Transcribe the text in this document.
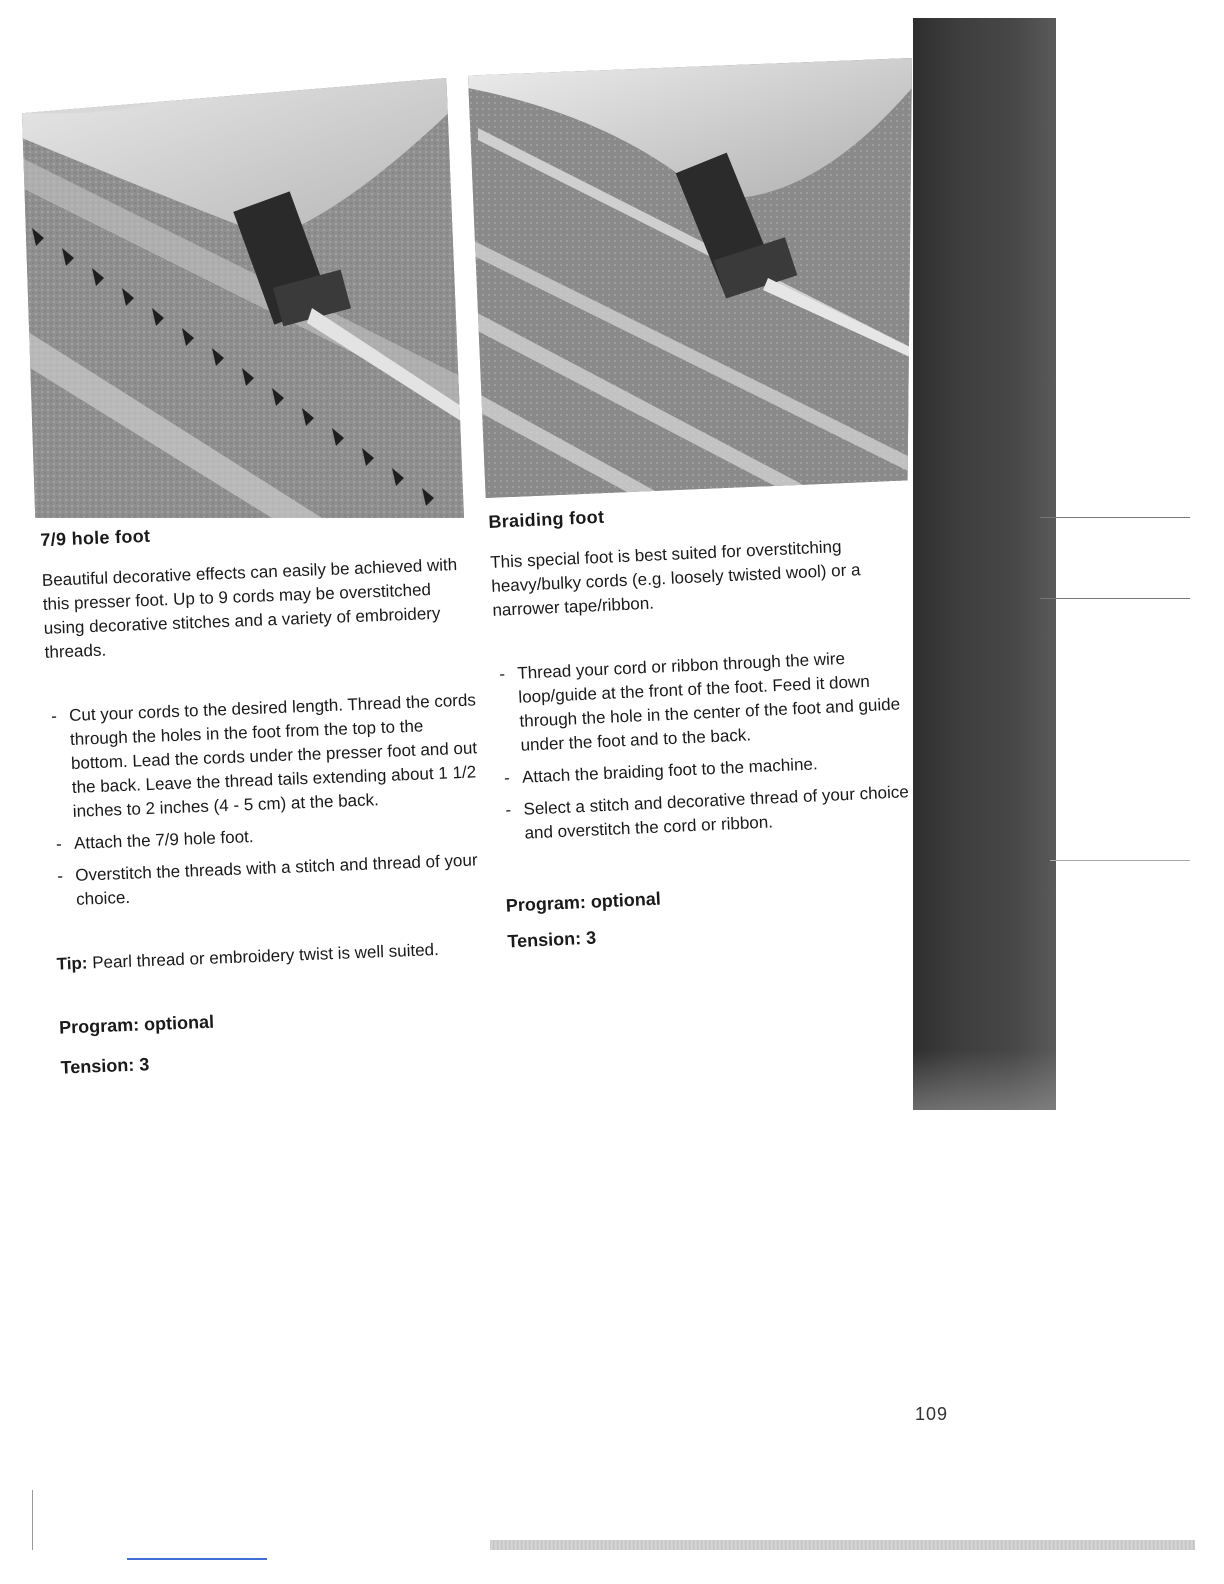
7/9 hole foot

Beautiful decorative effects can easily be achieved with this presser foot. Up to 9 cords may be overstitched using decorative stitches and a variety of embroidery threads.

- Cut your cords to the desired length. Thread the cords through the holes in the foot from the top to the bottom. Lead the cords under the presser foot and out the back. Leave the thread tails extending about 1 1/2 inches to 2 inches (4 - 5 cm) at the back.
- Attach the 7/9 hole foot.
- Overstitch the threads with a stitch and thread of your choice.
Tip: Pearl thread or embroidery twist is well suited.

Program: optional

Tension: 3

Braiding foot

This special foot is best suited for overstitching heavy/bulky cords (e.g. loosely twisted wool) or a narrower tape/ribbon.

- Thread your cord or ribbon through the wire loop/guide at the front of the foot. Feed it down through the hole in the center of the foot and guide under the foot and to the back.
- Attach the braiding foot to the machine.
- Select a stitch and decorative thread of your choice and overstitch the cord or ribbon.

Program: optional

Tension: 3

109
